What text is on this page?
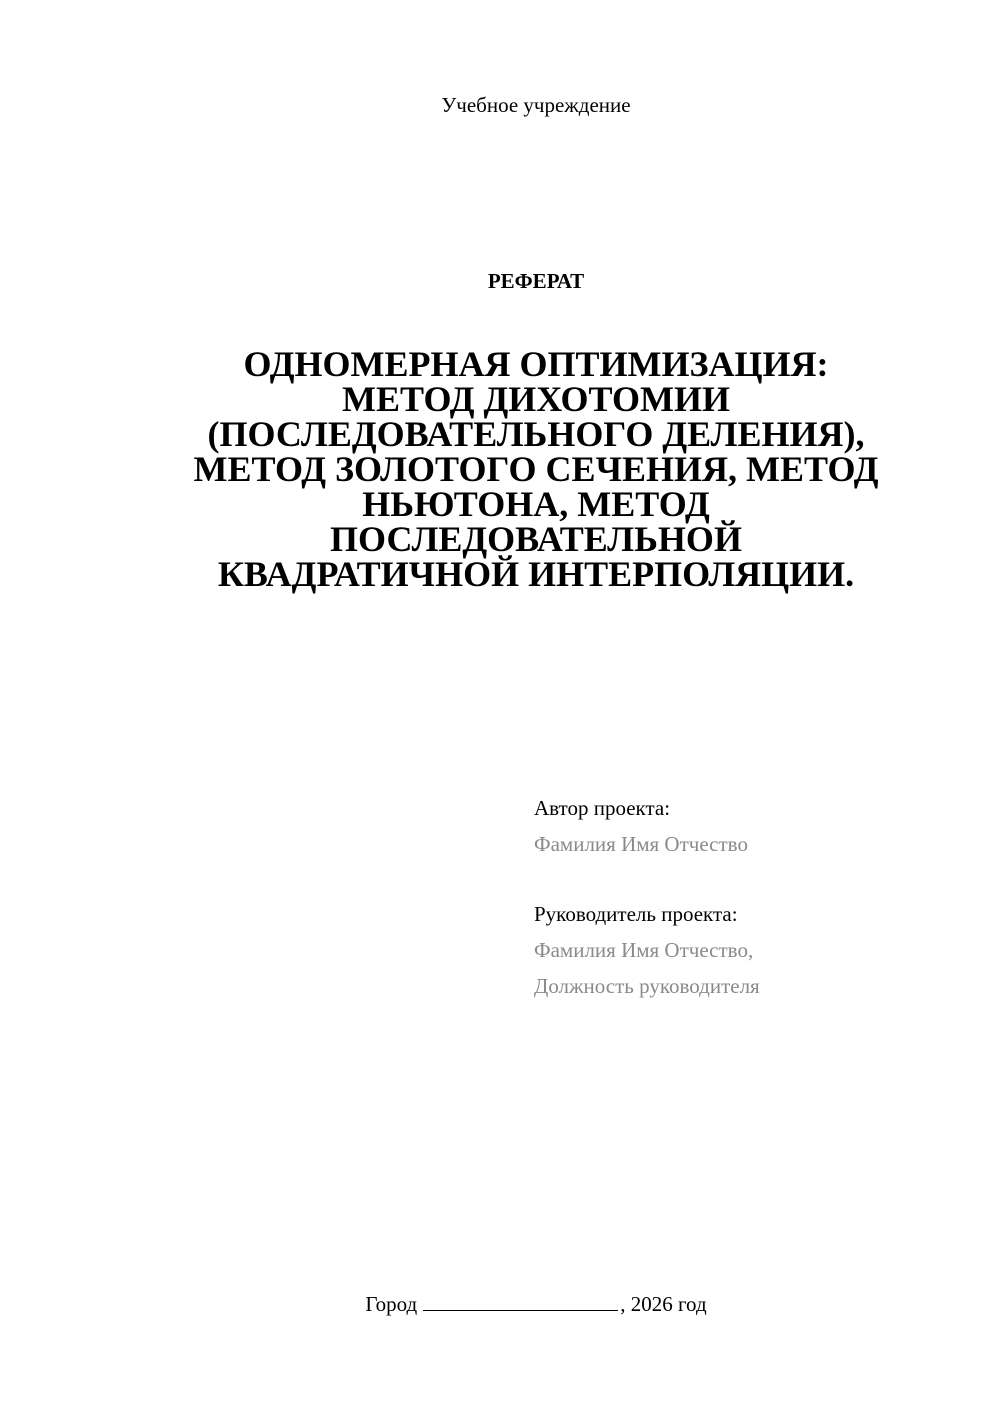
Учебное учреждение
РЕФЕРАТ
ОДНОМЕРНАЯ ОПТИМИЗАЦИЯ:
МЕТОД ДИХОТОМИИ
(ПОСЛЕДОВАТЕЛЬНОГО ДЕЛЕНИЯ),
МЕТОД ЗОЛОТОГО СЕЧЕНИЯ, МЕТОД
НЬЮТОНА, МЕТОД
ПОСЛЕДОВАТЕЛЬНОЙ
КВАДРАТИЧНОЙ ИНТЕРПОЛЯЦИИ.
Автор проекта:
Фамилия Имя Отчество
Руководитель проекта:
Фамилия Имя Отчество,
Должность руководителя
Город	, 2026 год
